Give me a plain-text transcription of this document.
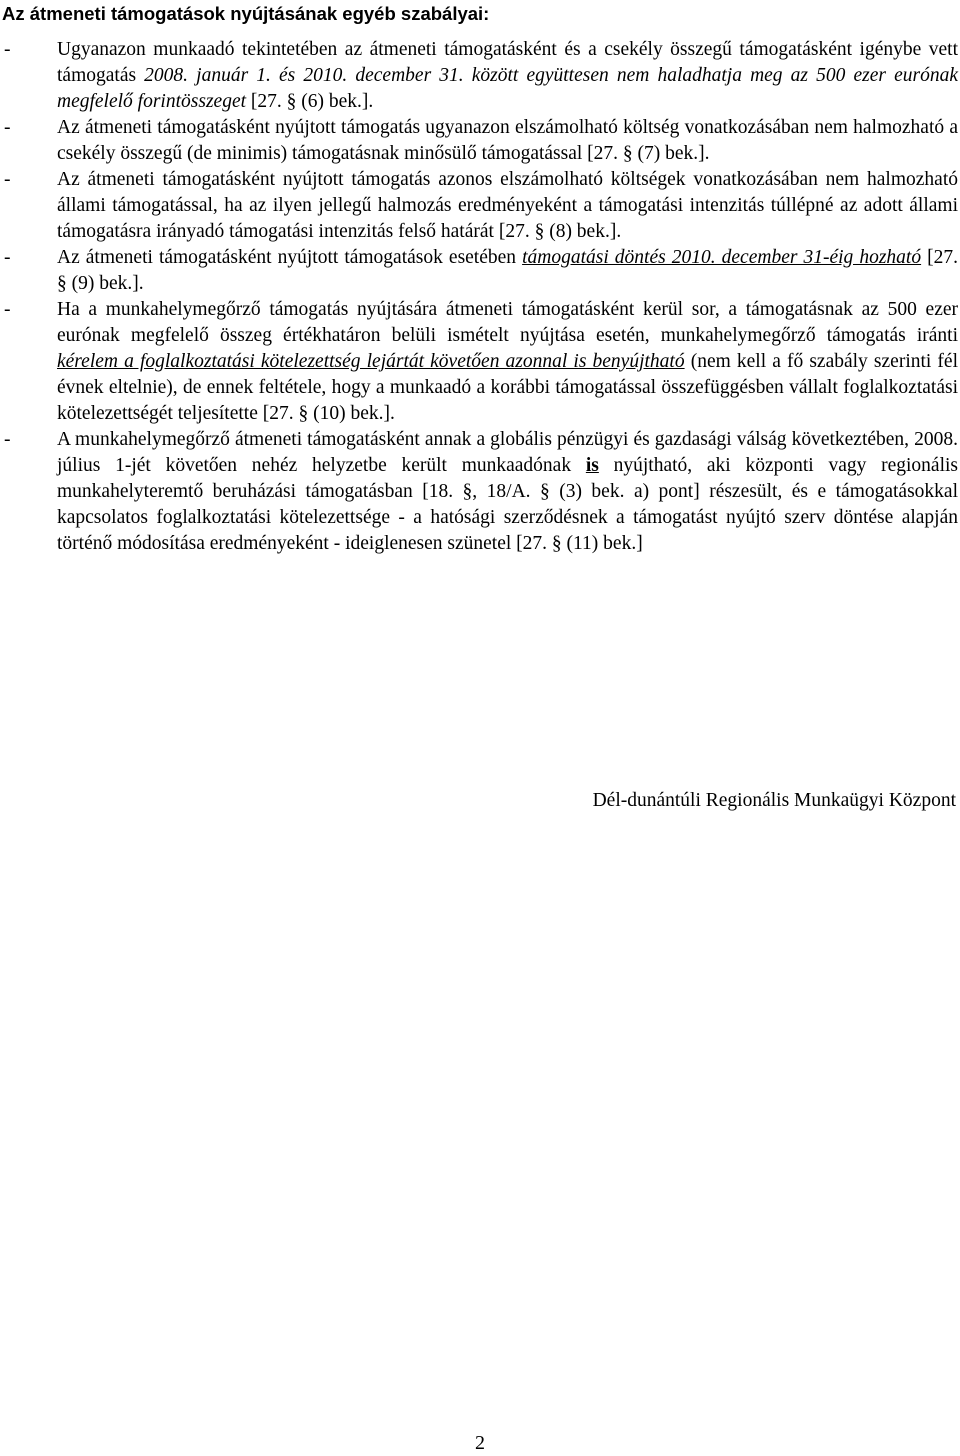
Az átmeneti támogatások nyújtásának egyéb szabályai:
- Ugyanazon munkaadó tekintetében az átmeneti támogatásként és a csekély összegű támogatásként igénybe vett támogatás 2008. január 1. és 2010. december 31. között együttesen nem haladhatja meg az 500 ezer eurónak megfelelő forintösszeget [27. § (6) bek.].
- Az átmeneti támogatásként nyújtott támogatás ugyanazon elszámolható költség vonatkozásában nem halmozható a csekély összegű (de minimis) támogatásnak minősülő támogatással [27. § (7) bek.].
- Az átmeneti támogatásként nyújtott támogatás azonos elszámolható költségek vonatkozásában nem halmozható állami támogatással, ha az ilyen jellegű halmozás eredményeként a támogatási intenzitás túllépné az adott állami támogatásra irányadó támogatási intenzitás felső határát [27. § (8) bek.].
- Az átmeneti támogatásként nyújtott támogatások esetében támogatási döntés 2010. december 31-éig hozható [27. § (9) bek.].
- Ha a munkahelymegőrző támogatás nyújtására átmeneti támogatásként kerül sor, a támogatásnak az 500 ezer eurónak megfelelő összeg értékhatáron belüli ismételt nyújtása esetén, munkahelymegőrző támogatás iránti kérelem a foglalkoztatási kötelezettség lejártát követően azonnal is benyújtható (nem kell a fő szabály szerinti fél évnek eltelnie), de ennek feltétele, hogy a munkaadó a korábbi támogatással összefüggésben vállalt foglalkoztatási kötelezettségét teljesítette [27. § (10) bek.].
- A munkahelymegőrző átmeneti támogatásként annak a globális pénzügyi és gazdasági válság következtében, 2008. július 1-jét követően nehéz helyzetbe került munkaadónak is nyújtható, aki központi vagy regionális munkahelyteremtő beruházási támogatásban [18. §, 18/A. § (3) bek. a) pont] részesült, és e támogatásokkal kapcsolatos foglalkoztatási kötelezettsége - a hatósági szerződésnek a támogatást nyújtó szerv döntése alapján történő módosítása eredményeként - ideiglenesen szünetel [27. § (11) bek.]
Dél-dunántúli Regionális Munkaügyi Központ
2
